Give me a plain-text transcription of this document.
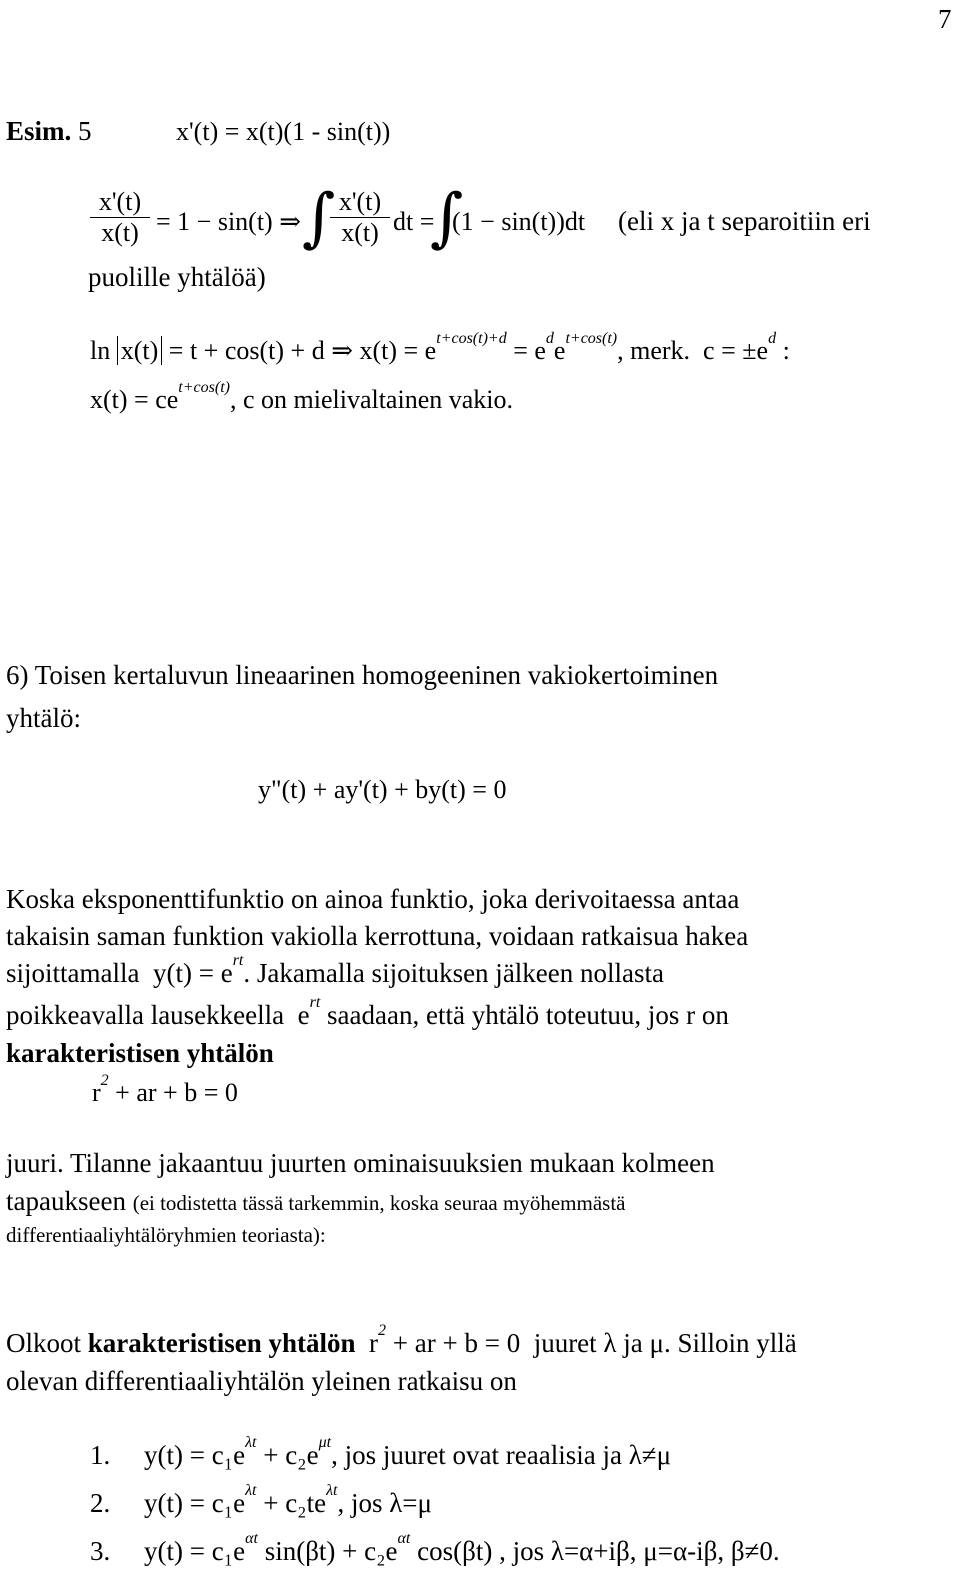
7
Esim. 5	x'(t) = x(t)(1 - sin(t))
x'(t)
x(t) = 1 − sin(t) ⇒ ∫ x'(t)
x(t) dt =
∫
(1 − sin(t))dt (eli x ja t separoitiin eri
puolille yhtälöä)
ln x(t) = t + cos(t) + d ⇒ $x(t) = e^{t+cos(t)+d} = e^de^{t+cos(t)}$, merk. $c = \pm e^d$ :
$x(t) = ce^{t+cos(t)}$, c on mielivaltainen vakio.
6) Toisen kertaluvun lineaarinen homogeeninen vakiokertoiminen
yhtälö:
y"(t) + ay'(t) + by(t) = 0
Koska eksponenttifunktio on ainoa funktio, joka derivoitaessa antaa
takaisin saman funktion vakiolla kerrottuna, voidaan ratkaisua hakea
sijoittamalla $y(t) = e^{rt}$. Jakamalla sijoituksen jälkeen nollasta
poikkeavalla lausekkeella $e^{rt}$ saadaan, että yhtälö toteutuu, jos r on
karakteristisen yhtälön
$r^2$ + ar + b = 0
juuri. Tilanne jakaantuu juurten ominaisuuksien mukaan kolmeen
tapaukseen (ei todistetta tässä tarkemmin, koska seuraa myöhemmästä
differentiaaliyhtälöryhmien teoriasta):
Olkoot karakteristisen yhtälön $r^2$ + ar + b = 0 juuret λ ja μ. Silloin yllä
olevan differentiaaliyhtälön yleinen ratkaisu on
1. $y(t) = c_1e^{\lambda t} + c_2e^{\mu t}$, jos juuret ovat reaalisia ja λ≠μ
2. $y(t) = c_1e^{\lambda t} + c_2te^{\lambda t}$, jos λ=μ
3. $y(t) = c_1e^{\alpha t}$ $\sin(\beta t) + c_2e^{\alpha t}$ cos(βt) , jos λ=α+iβ, μ=α-iβ, β≠0.
